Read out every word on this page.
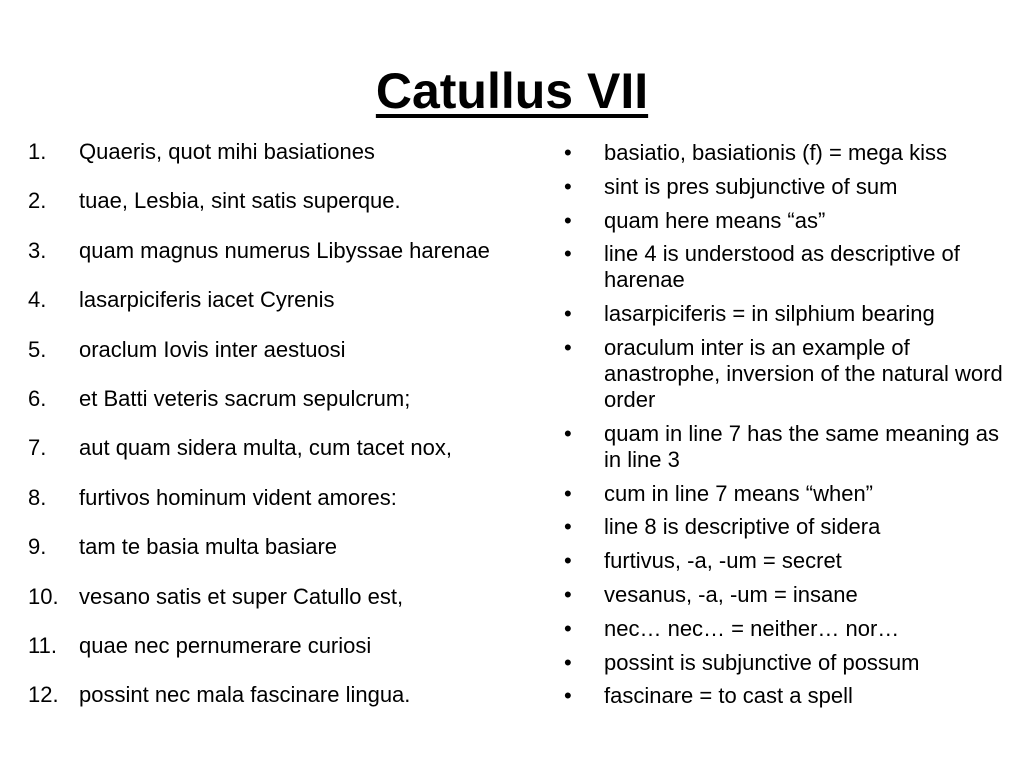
Catullus VII
1. Quaeris, quot mihi basiationes
2. tuae, Lesbia, sint satis superque.
3. quam magnus numerus Libyssae harenae
4. lasarpiciferis iacet Cyrenis
5. oraclum Iovis inter aestuosi
6. et Batti veteris sacrum sepulcrum;
7. aut quam sidera multa, cum tacet nox,
8. furtivos hominum vident amores:
9. tam te basia multa basiare
10. vesano satis et super Catullo est,
11. quae nec pernumerare curiosi
12. possint nec mala fascinare lingua.
• basiatio, basiationis (f) = mega kiss
• sint is pres subjunctive of sum
• quam here means “as”
• line 4 is understood as descriptive of harenae
• lasarpiciferis = in silphium bearing
• oraculum inter is an example of anastrophe, inversion of the natural word order
• quam in line 7 has the same meaning as in line 3
• cum in line 7 means “when”
• line 8 is descriptive of sidera
• furtivus, -a, -um = secret
• vesanus, -a, -um = insane
• nec… nec… = neither… nor…
• possint is subjunctive of possum
• fascinare = to cast a spell
